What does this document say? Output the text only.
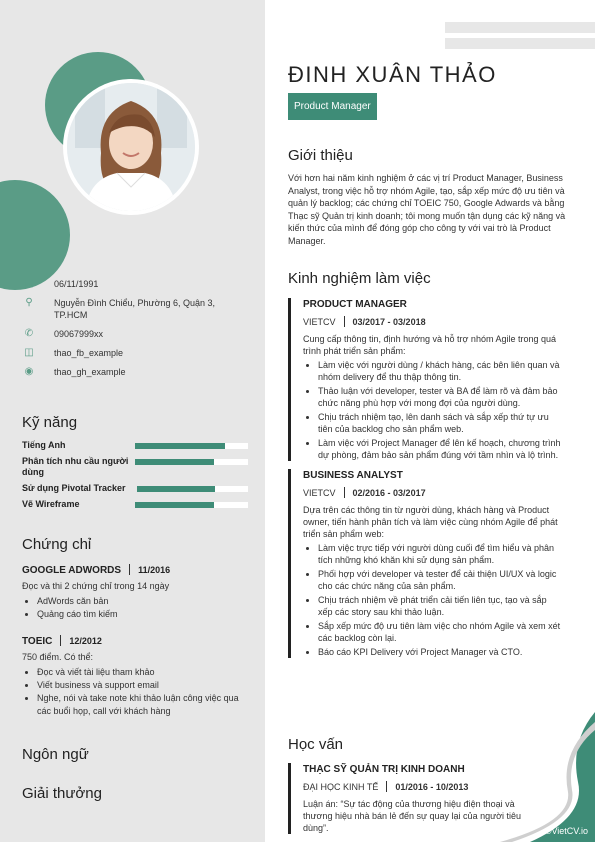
▦ 06/11/1991
⚲	Nguyễn Đình Chiểu, Phường 6, Quận 3, TP.HCM
✆	09067999xx
◫ thao_fb_example
◉ thao_gh_example
Kỹ năng
Tiếng Anh
Phân tích nhu cầu người dùng
Sử dụng Pivotal Tracker
Vẽ Wireframe
Chứng chỉ
GOOGLE ADWORDS 11/2016

Đọc và thi 2 chứng chỉ trong 14 ngày

• AdWords căn bản
• Quảng cáo tìm kiếm
TOEIC 12/2012

750 điểm. Có thể:

• Đọc và viết tài liệu tham khảo
• Viết business và support email
• Nghe, nói và take note khi thảo luận công việc qua các buổi họp, call với khách hàng
Ngôn ngữ
Giải thưởng
ĐINH XUÂN THẢO
Product Manager
Giới thiệu
Với hơn hai năm kinh nghiệm ở các vị trí Product Manager, Business Analyst, trong việc hỗ trợ nhóm Agile, tạo, sắp xếp mức độ ưu tiên và quản lý backlog; các chứng chỉ TOEIC 750, Google Adwards và bằng Thạc sỹ Quản trị kinh doanh; tôi mong muốn tận dụng các kỹ năng và kiến thức của mình để đóng góp cho công ty với vai trò là Product Manager.
Kinh nghiệm làm việc
PRODUCT MANAGER
VIETCV 03/2017 - 03/2018

Cung cấp thông tin, định hướng và hỗ trợ nhóm Agile trong quá trình phát triển sản phẩm:

• Làm việc với người dùng / khách hàng, các bên liên quan và nhóm delivery để thu thập thông tin.
• Thảo luận với developer, tester và BA để làm rõ và đảm bảo chức năng phù hợp với mong đợi của người dùng.
• Chịu trách nhiệm tạo, lên danh sách và sắp xếp thứ tự ưu tiên của backlog cho sản phẩm web.
• Làm việc với Project Manager để lên kế hoạch, chương trình dự phòng, đảm bảo sản phẩm đúng với tầm nhìn và lộ trình.
BUSINESS ANALYST
VIETCV 02/2016 - 03/2017

Dựa trên các thông tin từ người dùng, khách hàng và Product owner, tiến hành phân tích và làm việc cùng nhóm Agile để phát triển sản phẩm web:

• Làm việc trực tiếp với người dùng cuối để tìm hiểu và phân tích những khó khăn khi sử dụng sản phẩm.
• Phối hợp với developer và tester để cải thiện UI/UX và logic cho các chức năng của sản phẩm.
• Chịu trách nhiệm về phát triển cải tiến liên tục, tạo và sắp xếp các story sau khi thảo luận.
• Sắp xếp mức độ ưu tiên làm việc cho nhóm Agile và xem xét các backlog còn lại.
• Báo cáo KPI Delivery với Project Manager và CTO.
Học vấn
THẠC SỸ QUẢN TRỊ KINH DOANH
ĐẠI HỌC KINH TẾ 01/2016 - 10/2013

Luận án: “Sự tác động của thương hiệu điện thoại và thương hiệu nhà bán lẻ đến sự quay lại của người tiêu dùng”.	©VietCV.io
